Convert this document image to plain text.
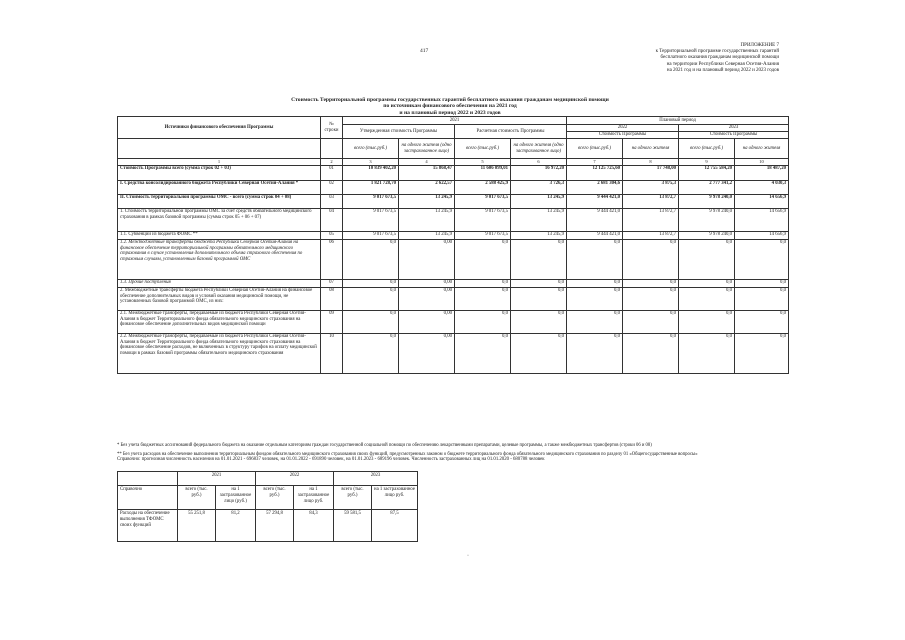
417
ПРИЛОЖЕНИЕ 7
к Территориальной программе государственных гарантий
бесплатного оказания гражданам медицинской помощи
на территории Республики Северная Осетия-Алания
на 2021 год и на плановый период 2022 и 2023 годов
Стоимость Территориальной программы государственных гарантий бесплатного оказания гражданам медицинской помощи
по источникам финансового обеспечения на 2021 год
и на плановый период 2022 и 2023 годов
Источники финансового обеспечения Программы	№ строки	2021				Плановый период			
		Утвержденная стоимость Программы		Расчетная стоимость Программы		2022		2023	
						Стоимость Программы		Стоимость Программы	
		всего (тыс.руб.)	на одного жителя (одно застрахованное лицо)	всего (тыс.руб.)	на одного жителя (одно застрахованное лицо)	всего (тыс.руб.)	на одного жителя	всего (тыс.руб.)	на одного жителя
1	2	3	4	5	6	7	8	9	10
Стоимость Программы всего (сумма строк 02 + 03)	01	10 839 402,20	15 868,47	11 606 099,01	16 972,20	12 125 725,60	17 748,00	12 755 584,20	18 487,20
I. Средства консолидированного бюджета Республики Северная Осетия-Алания *	02	1 821 728,70	2 622,57	2 588 425,9	3 726,3	2 681 304,6	3 875,3	2 777 341,2	4 030,3
II. Стоимость территориальной программы ОМС - всего (сумма строк 04 + 08)	03	9 017 673,5	13 245,9	9 017 673,5	13 245,9	9 444 421,0	13 872,7	9 978 240,0	14 656,9
1. Стоимость территориальной программы ОМС за счет средств обязательного медицинского страхования в рамках базовой программы (сумма строк 05 + 06 + 07)	04	9 017 673,5	13 245,9	9 017 673,5	13 245,9	9 444 421,0	13 872,7	9 978 240,0	14 656,9
1.1. Субвенции из бюджета ФОМС **	05	9 017 673,5	13 245,9	9 017 673,5	13 245,9	9 444 421,0	13 872,7	9 978 240,0	14 656,9
1.2. Межбюджетные трансферты бюджета Республики Северная Осетия-Алания на финансовое обеспечение территориальной программы обязательного медицинского страхования в случае установления дополнительного объема страхового обеспечения по страховым случаям, установленным базовой программой ОМС	06	0,0	0,00	0,0	0,0	0,0	0,0	0,0	0,0
1.3. Прочие поступления	07	0,0	0,00	0,0	0,0	0,0	0,0	0,0	0,0
2. Межбюджетные трансферты бюджета Республики Северная Осетия-Алания на финансовое обеспечение дополнительных видов и условий оказания медицинской помощи, не установленных базовой программой ОМС, из них:	08	0,0	0,00	0,0	0,0	0,0	0,0	0,0	0,0
2.1. Межбюджетные трансферты, передаваемые из бюджета Республики Северная Осетия-Алания в бюджет Территориального фонда обязательного медицинского страхования на финансовое обеспечение дополнительных видов медицинской помощи	09	0,0	0,00	0,0	0,0	0,0	0,0	0,0	0,0
2.2. Межбюджетные трансферты, передаваемые из бюджета Республики Северная Осетия-Алания в бюджет Территориального фонда обязательного медицинского страхования на финансовое обеспечение расходов, не включенных в структуру тарифов на оплату медицинской помощи в рамках базовой программы обязательного медицинского страхования	10	0,0	0,00	0,0	0,0	0,0	0,0	0,0	0,0

* Без учета бюджетных ассигнований федерального бюджета на оказание отдельным категориям граждан государственной социальной помощи по обеспечению лекарственными препаратами, целевые программы, а также межбюджетных трансфертов (строки 06 и 08)

** Без учета расходов на обеспечение выполнения территориальным фондом обязательного медицинского страхования своих функций, предусмотренных законом о бюджете территориального фонда обязательного медицинского страхования по разделу 01 «Общегосударственные вопросы»

Справочно: прогнозная численность населения на 01.01.2021 - 696837 человек, на 01.01.2022 - 691890 человек, на 01.01.2023 - 689196 человек. Численность застрахованных лиц на 01.01.2020 - 680788 человек
	2021		2022		2023	
Справочно	всего (тыс. руб.)	на 1 застрахованное лицо (руб.)	всего (тыс. руб.)	на 1 застрахованное лицо руб.	всего (тыс. руб.)	на 1 застрахованное лицо руб.
Расходы на обеспечение выполнения ТФОМС своих функций	55 251,8	81,2	57 294,8	84,3	59 581,5	87,5
·
